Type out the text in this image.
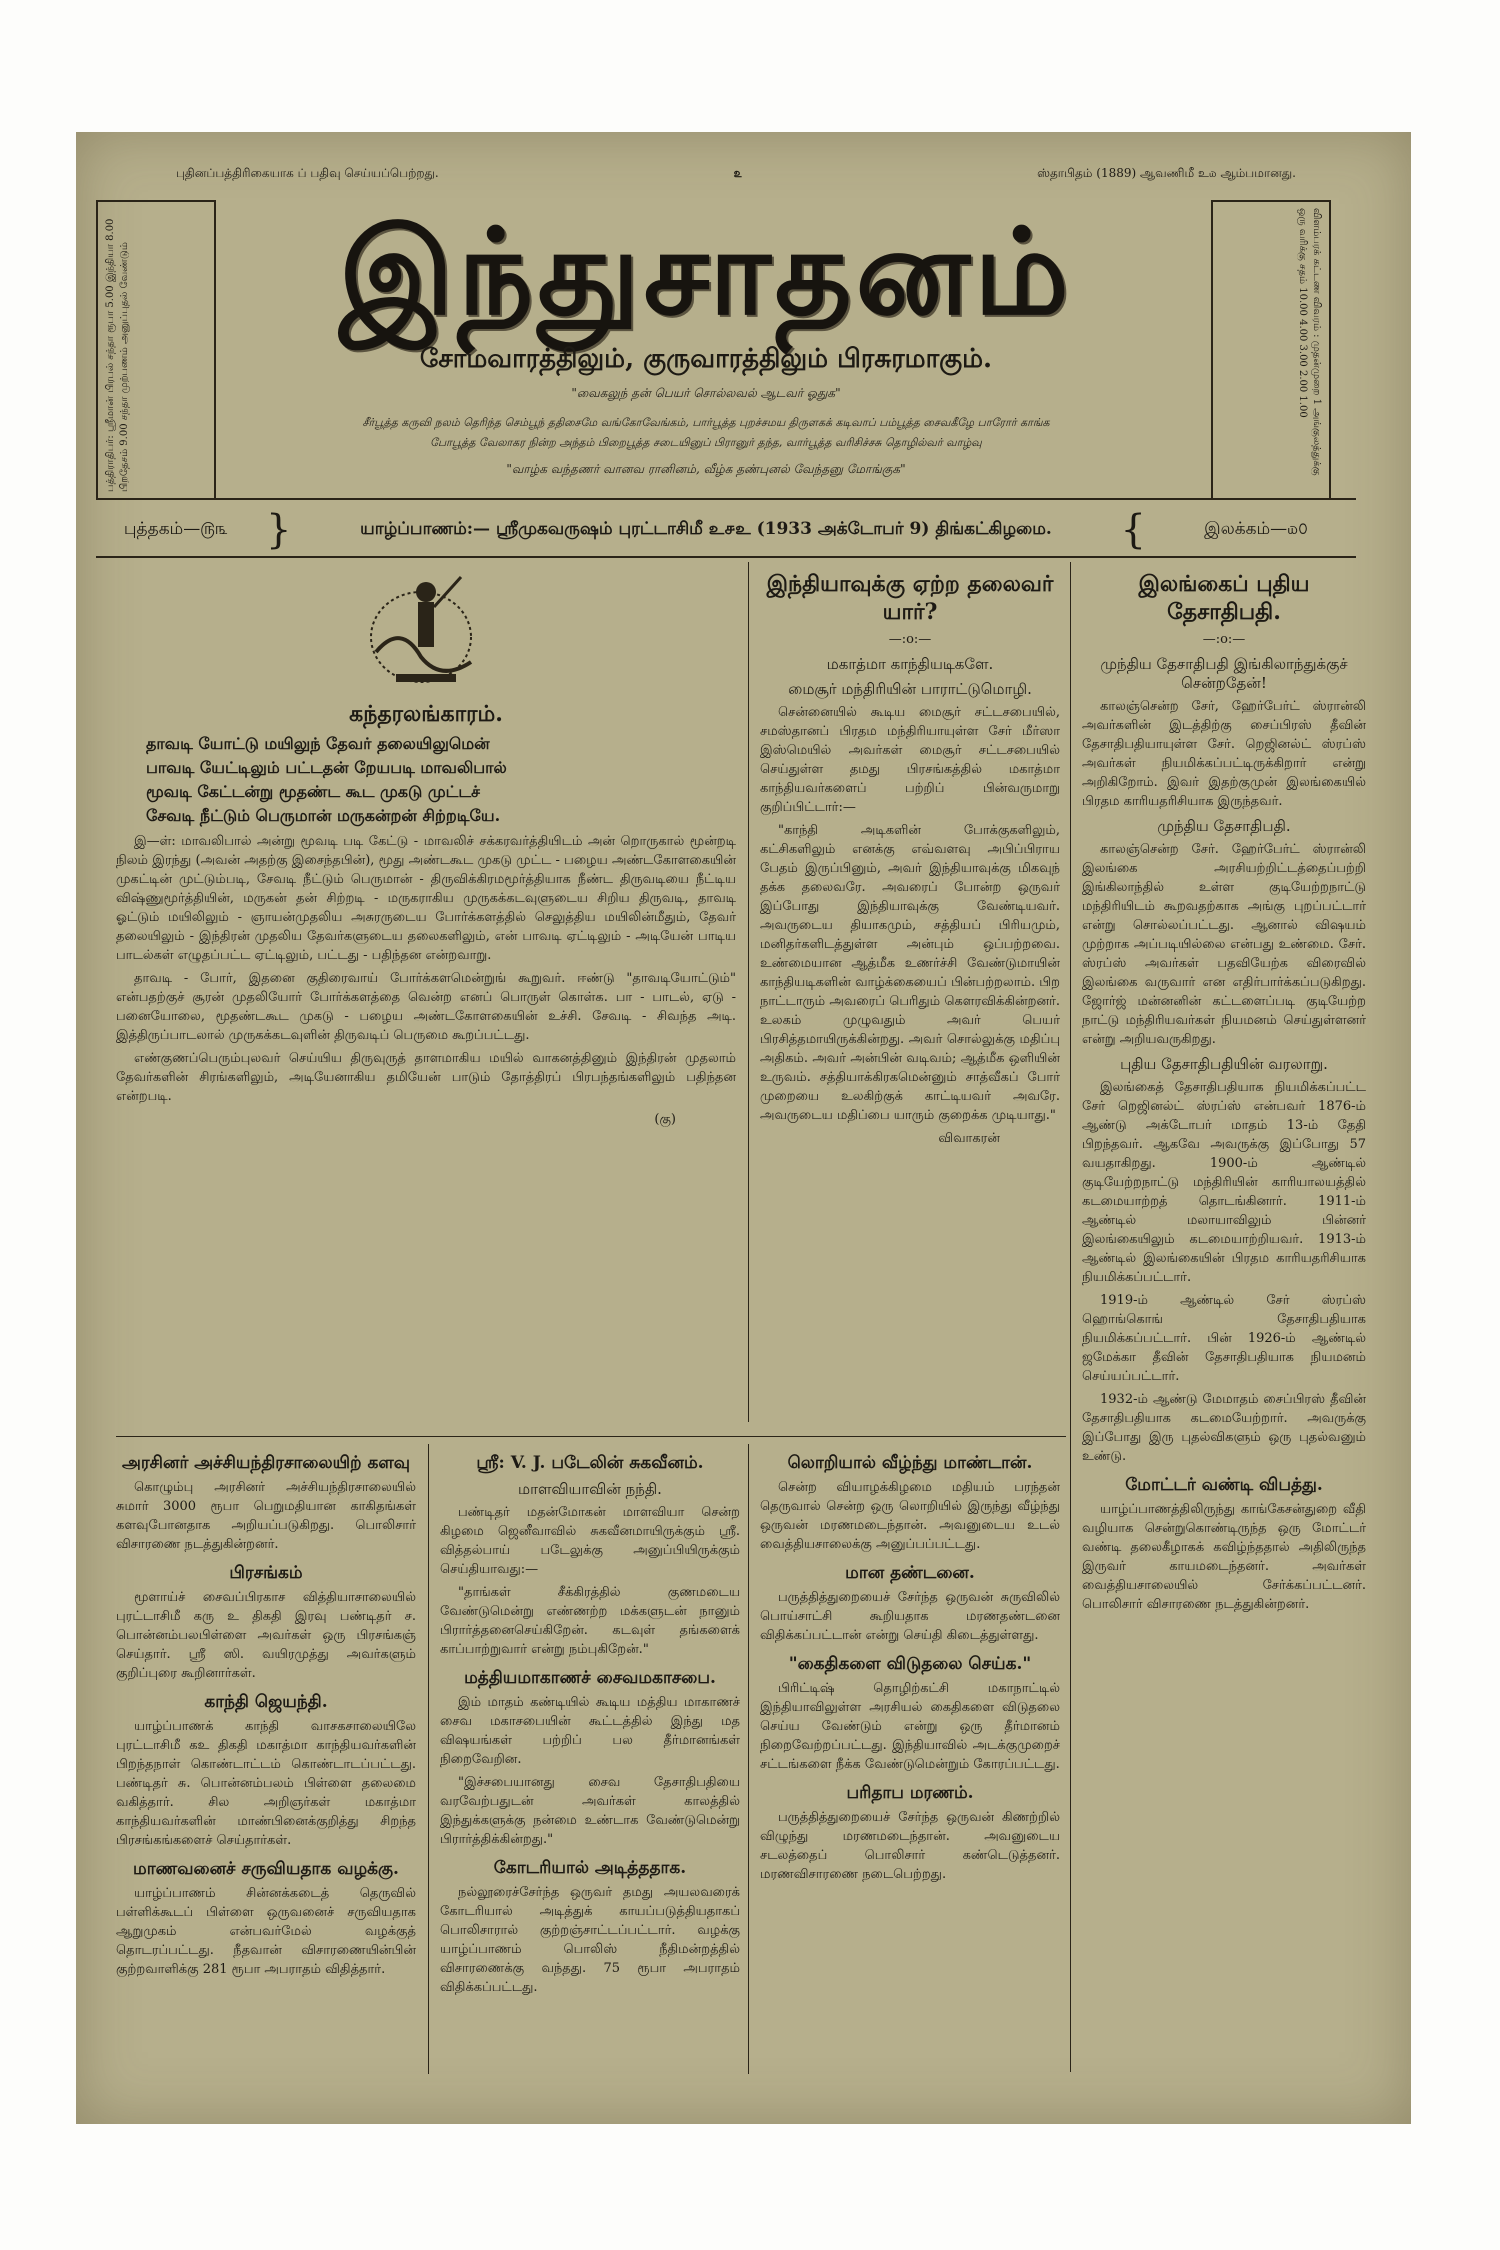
புதினப்பத்திரிகையாக ப் பதிவு செய்யப்பெற்றது.	௨	ஸ்தாபிதம் (1889) ஆவணிமீ உ௰ ஆம்பமானது.
பத்திராதிபர்: ஸ்ரீமான் பிரபல் சந்தா ரூபா 5.00 இந்தியா 8.00 பிறதேசம் 9.00 சந்தா முற்பணம் அனுப்புதல் வேண்டும்	விளம்பரக் கட்டண விவரம் : முதன்முறை 1 அங்குலத்துக்கு ஒரு வரிக்கு சதம் 10.00 4.00 3.00 2.00 1.00
இந்துசாதனம்
சோமவாரத்திலும், குருவாரத்திலும் பிரசுரமாகும்.
"வைகலுந் தன் பெயர் சொல்லவல் ஆடவர் ஓதுக"
சீர்பூத்த கருவி நலம் தெரிந்த செம்பூந் ததிசைமே வங்கோவேங்கம், பார்பூத்த புறச்சமய திருளகக் கடிவாப் பம்பூத்த சைவகீழே பாரோர் காங்க
போபூத்த வேலாகர நின்ற அந்தம் பிறைபூத்த சடையினுப் பிரானுர் தந்த, வார்பூத்த வரிசிச்சசு தொழில்வர் வாழ்வு
"வாழ்க வந்தணர் வானவ ரானினம், வீழ்க தண்புனல் வேந்தனு மோங்குக"
புத்தகம்—௫௩ }	யாழ்ப்பாணம்:— ஸ்ரீமுகவருஷம் புரட்டாசிமீ உ௪உ (1933 அக்டோபர் 9) திங்கட்கிழமை.	{	இலக்கம்—௰௦
கந்தரலங்காரம்.
தாவடி யோட்டு மயிலுந் தேவர் தலையிலுமென்
பாவடி யேட்டிலும் பட்டதன் றேயபடி மாவலிபால்
மூவடி கேட்டன்று மூதண்ட கூட முகடு முட்டச்
சேவடி நீட்டும் பெருமான் மருகன்றன் சிற்றடியே.

இ—ள்: மாவலிபால் அன்று மூவடி படி கேட்டு - மாவலிச் சக்கரவர்த்தியிடம் அன் றொருகால் மூன்றடி நிலம் இரந்து (அவன் அதற்கு இசைந்தபின்), மூது அண்டகூட முகடு முட்ட - பழைய அண்டகோளகையின் முகட்டின் முட்டும்படி, சேவடி நீட்டும் பெருமான் - திருவிக்கிரமமூர்த்தியாக நீண்ட திருவடியை நீட்டிய விஷ்ணுமூர்த்தியின், மருகன் தன் சிற்றடி - மருகராகிய முருகக்கடவுளுடைய சிறிய திருவடி, தாவடி ஓட்டும் மயிலிலும் - ஞாயன்முதலிய அசுரருடைய போர்க்களத்தில் செலுத்திய மயிலின்மீதும், தேவர் தலையிலும் - இந்திரன் முதலிய தேவர்களுடைய தலைகளிலும், என் பாவடி ஏட்டிலும் - அடியேன் பாடிய பாடல்கள் எழுதப்பட்ட ஏட்டிலும், பட்டது - பதிந்தன என்றவாறு.

தாவடி - போர், இதனை குதிரைவாய் போர்க்களமென்றுங் கூறுவர். ஈண்டு "தாவடியோட்டும்" என்பதற்குச் சூரன் முதலியோர் போர்க்களத்தை வென்ற எனப் பொருள் கொள்க. பா - பாடல், ஏடு - பனையோலை, மூதண்டகூட முகடு - பழைய அண்டகோளகையின் உச்சி. சேவடி - சிவந்த அடி. இத்திருப்பாடலால் முருகக்கடவுளின் திருவடிப் பெருமை கூறப்பட்டது.

எண்குணப்பெரும்புலவர் செய்யிய திருவுருத் தாளமாகிய மயில் வாகனத்தினும் இந்திரன் முதலாம் தேவர்களின் சிரங்களிலும், அடியேனாகிய தமியேன் பாடும் தோத்திரப் பிரபந்தங்களிலும் பதிந்தன என்றபடி.

(கு)
இந்தியாவுக்கு ஏற்ற தலைவர் யார்?
—:o:—
மகாத்மா காந்தியடிகளே.
மைசூர் மந்திரியின் பாராட்டுமொழி.

சென்னையில் கூடிய மைசூர் சட்டசபையில், சமஸ்தானப் பிரதம மந்திரியாயுள்ள சேர் மீர்ஸா இஸ்மெயில் அவர்கள் மைசூர் சட்டசபையில் செய்துள்ள தமது பிரசங்கத்தில் மகாத்மா காந்தியவர்களைப் பற்றிப் பின்வருமாறு குறிப்பிட்டார்:—

"காந்தி அடிகளின் போக்குகளிலும், கட்சிகளிலும் எனக்கு எவ்வளவு அபிப்பிராய பேதம் இருப்பினும், அவர் இந்தியாவுக்கு மிகவுந் தக்க தலைவரே. அவரைப் போன்ற ஒருவர் இப்போது இந்தியாவுக்கு வேண்டியவர். அவருடைய தியாகமும், சத்தியப் பிரியமும், மனிதர்களிடத்துள்ள அன்பும் ஒப்பற்றவை. உண்மையான ஆத்மீக உணர்ச்சி வேண்டுமாயின் காந்தியடிகளின் வாழ்க்கையைப் பின்பற்றலாம். பிற நாட்டாரும் அவரைப் பெரிதும் கெளரவிக்கின்றனர். உலகம் முழுவதும் அவர் பெயர் பிரசித்தமாயிருக்கின்றது. அவர் சொல்லுக்கு மதிப்பு அதிகம். அவர் அன்பின் வடிவம்; ஆத்மீக ஒளியின் உருவம். சத்தியாக்கிரகமென்னும் சாத்வீகப் போர் முறையை உலகிற்குக் காட்டியவர் அவரே. அவருடைய மதிப்பை யாரும் குறைக்க முடியாது."

விவாகரன்
இலங்கைப் புதிய தேசாதிபதி.
—:o:—
முந்திய தேசாதிபதி இங்கிலாந்துக்குச் சென்றதேன்!

காலஞ்சென்ற சேர், ஹேர்பேர்ட் ஸ்ரான்லி அவர்களின் இடத்திற்கு சைப்பிரஸ் தீவின் தேசாதிபதியாயுள்ள சேர். றெஜினல்ட் ஸ்ரப்ஸ் அவர்கள் நியமிக்கப்பட்டிருக்கிறார் என்று அறிகிறோம். இவர் இதற்குமுன் இலங்கையில் பிரதம காரியதரிசியாக இருந்தவர்.

முந்திய தேசாதிபதி.

காலஞ்சென்ற சேர். ஹேர்பேர்ட் ஸ்ரான்லி இலங்கை அரசியற்றிட்டத்தைப்பற்றி இங்கிலாந்தில் உள்ள குடியேற்றநாட்டு மந்திரியிடம் கூறவதற்காக அங்கு புறப்பட்டார் என்று சொல்லப்பட்டது. ஆனால் விஷயம் முற்றாக அப்படியில்லை என்பது உண்மை. சேர். ஸ்ரப்ஸ் அவர்கள் பதவியேற்க விரைவில் இலங்கை வருவார் என எதிர்பார்க்கப்படுகிறது. ஜோர்ஜ் மன்னனின் கட்டளைப்படி குடியேற்ற நாட்டு மந்திரியவர்கள் நியமனம் செய்துள்ளனர் என்று அறியவருகிறது.

புதிய தேசாதிபதியின் வரலாறு.

இலங்கைத் தேசாதிபதியாக நியமிக்கப்பட்ட சேர் றெஜினல்ட் ஸ்ரப்ஸ் என்பவர் 1876-ம் ஆண்டு அக்டோபர் மாதம் 13-ம் தேதி பிறந்தவர். ஆகவே அவருக்கு இப்போது 57 வயதாகிறது. 1900-ம் ஆண்டில் குடியேற்றநாட்டு மந்திரியின் காரியாலயத்தில் கடமையாற்றத் தொடங்கினார். 1911-ம் ஆண்டில் மலாயாவிலும் பின்னர் இலங்கையிலும் கடமையாற்றியவர். 1913-ம் ஆண்டில் இலங்கையின் பிரதம காரியதரிசியாக நியமிக்கப்பட்டார்.

1919-ம் ஆண்டில் சேர் ஸ்ரப்ஸ் ஹொங்கொங் தேசாதிபதியாக நியமிக்கப்பட்டார். பின் 1926-ம் ஆண்டில் ஜமேக்கா தீவின் தேசாதிபதியாக நியமனம் செய்யப்பட்டார்.

1932-ம் ஆண்டு மேமாதம் சைப்பிரஸ் தீவின் தேசாதிபதியாக கடமையேற்றார். அவருக்கு இப்போது இரு புதல்விகளும் ஒரு புதல்வனும் உண்டு.

மோட்டர் வண்டி விபத்து.

யாழ்ப்பாணத்திலிருந்து காங்கேசன்துறை வீதி வழியாக சென்றுகொண்டிருந்த ஒரு மோட்டர் வண்டி தலைகீழாகக் கவிழ்ந்ததால் அதிலிருந்த இருவர் காயமடைந்தனர். அவர்கள் வைத்தியசாலையில் சேர்க்கப்பட்டனர். பொலிசார் விசாரணை நடத்துகின்றனர்.

அரசினர் அச்சியந்திரசாலையிற் களவு

கொழும்பு அரசினர் அச்சியந்திரசாலையில் சுமார் 3000 ரூபா பெறுமதியான காகிதங்கள் களவுபோனதாக அறியப்படுகிறது. பொலிசார் விசாரணை நடத்துகின்றனர்.

பிரசங்கம்

மூளாய்ச் சைவப்பிரகாச வித்தியாசாலையில் புரட்டாசிமீ கரு உ திகதி இரவு பண்டிதர் ச. பொன்னம்பலபிள்ளை அவர்கள் ஒரு பிரசங்கஞ் செய்தார். ஸ்ரீ ஸி. வயிரமுத்து அவர்களும் குறிப்புரை கூறினார்கள்.

காந்தி ஜெயந்தி.

யாழ்ப்பாணக் காந்தி வாசகசாலையிலே புரட்டாசிமீ கஉ திகதி மகாத்மா காந்தியவர்களின் பிறந்தநாள் கொண்டாட்டம் கொண்டாடப்பட்டது. பண்டிதர் சு. பொன்னம்பலம் பிள்ளை தலைமை வகித்தார். சில அறிஞர்கள் மகாத்மா காந்தியவர்களின் மாண்பினைக்குறித்து சிறந்த பிரசங்கங்களைச் செய்தார்கள்.

மாணவனைச் சருவியதாக வழக்கு.

யாழ்ப்பாணம் சின்னக்கடைத் தெருவில் பள்ளிக்கூடப் பிள்ளை ஒருவனைச் சருவியதாக ஆறுமுகம் என்பவர்மேல் வழக்குத் தொடரப்பட்டது. நீதவான் விசாரணையின்பின் குற்றவாளிக்கு 281 ரூபா அபராதம் விதித்தார்.

ஸ்ரீ: V. J. படேலின் சுகவீனம்.
மாளவியாவின் நந்தி.

பண்டிதர் மதன்மோகன் மாளவியா சென்ற கிழமை ஜெனீவாவில் சுகவீனமாயிருக்கும் ஸ்ரீ. வித்தல்பாய் படேலுக்கு அனுப்பியிருக்கும் செய்தியாவது:—

"தாங்கள் சீக்கிரத்தில் குணமடைய வேண்டுமென்று எண்ணற்ற மக்களுடன் நானும் பிரார்த்தனைசெய்கிறேன். கடவுள் தங்களைக் காப்பாற்றுவார் என்று நம்புகிறேன்."

மத்தியமாகாணச் சைவமகாசபை.

இம் மாதம் கண்டியில் கூடிய மத்திய மாகாணச் சைவ மகாசபையின் கூட்டத்தில் இந்து மத விஷயங்கள் பற்றிப் பல தீர்மானங்கள் நிறைவேறின.

"இச்சபையானது சைவ தேசாதிபதியை வரவேற்பதுடன் அவர்கள் காலத்தில் இந்துக்களுக்கு நன்மை உண்டாக வேண்டுமென்று பிரார்த்திக்கின்றது."

கோடரியால் அடித்ததாக.

நல்லூரைச்சேர்ந்த ஒருவர் தமது அயலவரைக் கோடரியால் அடித்துக் காயப்படுத்தியதாகப் பொலிசாரால் குற்றஞ்சாட்டப்பட்டார். வழக்கு யாழ்ப்பாணம் பொலிஸ் நீதிமன்றத்தில் விசாரணைக்கு வந்தது. 75 ரூபா அபராதம் விதிக்கப்பட்டது.

லொறியால் வீழ்ந்து மாண்டான்.

சென்ற வியாழக்கிழமை மதியம் பரந்தன் தெருவால் சென்ற ஒரு லொறியில் இருந்து வீழ்ந்து ஒருவன் மரணமடைந்தான். அவனுடைய உடல் வைத்தியசாலைக்கு அனுப்பப்பட்டது.

மான தண்டனை.

பருத்தித்துறையைச் சேர்ந்த ஒருவன் சுருவிலில் பொய்சாட்சி கூறியதாக மரணதண்டனை விதிக்கப்பட்டான் என்று செய்தி கிடைத்துள்ளது.

"கைதிகளை விடுதலை செய்க."

பிரிட்டிஷ் தொழிற்கட்சி மகாநாட்டில் இந்தியாவிலுள்ள அரசியல் கைதிகளை விடுதலை செய்ய வேண்டும் என்று ஒரு தீர்மானம் நிறைவேற்றப்பட்டது. இந்தியாவில் அடக்குமுறைச் சட்டங்களை நீக்க வேண்டுமென்றும் கோரப்பட்டது.

பரிதாப மரணம்.

பருத்தித்துறையைச் சேர்ந்த ஒருவன் கிணற்றில் விழுந்து மரணமடைந்தான். அவனுடைய சடலத்தைப் பொலிசார் கண்டெடுத்தனர். மரணவிசாரணை நடைபெற்றது.
